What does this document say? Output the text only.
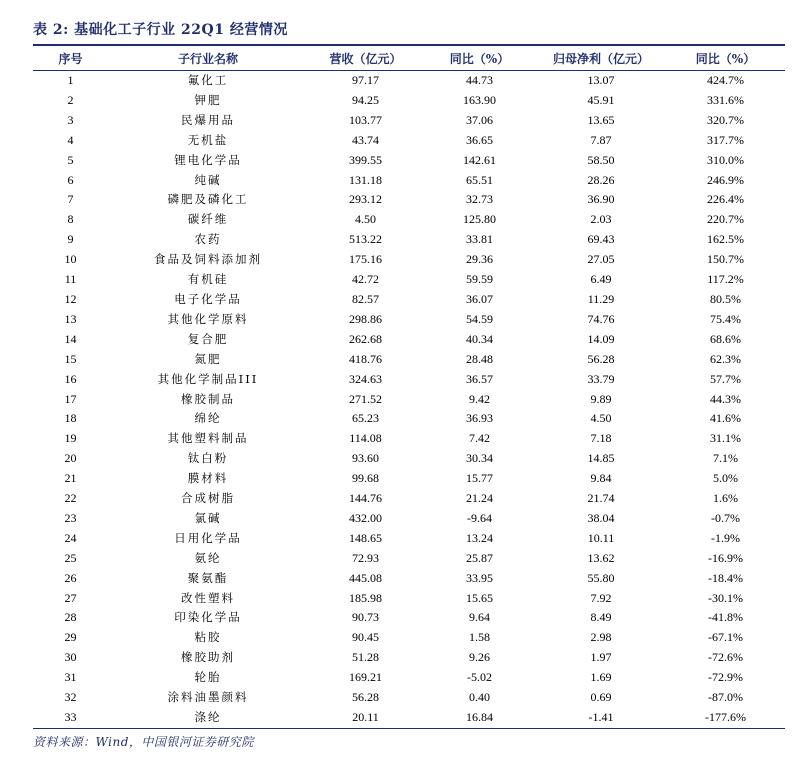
表 2: 基础化工子行业 22Q1 经营情况
序号	子行业名称	营收（亿元）	同比（%）	归母净利（亿元）	同比（%）
1	氟化工	97.17	44.73	13.07	424.7%
2	钾肥	94.25	163.90	45.91	331.6%
3	民爆用品	103.77	37.06	13.65	320.7%
4	无机盐	43.74	36.65	7.87	317.7%
5	锂电化学品	399.55	142.61	58.50	310.0%
6	纯碱	131.18	65.51	28.26	246.9%
7	磷肥及磷化工	293.12	32.73	36.90	226.4%
8	碳纤维	4.50	125.80	2.03	220.7%
9	农药	513.22	33.81	69.43	162.5%
10	食品及饲料添加剂	175.16	29.36	27.05	150.7%
11	有机硅	42.72	59.59	6.49	117.2%
12	电子化学品	82.57	36.07	11.29	80.5%
13	其他化学原料	298.86	54.59	74.76	75.4%
14	复合肥	262.68	40.34	14.09	68.6%
15	氮肥	418.76	28.48	56.28	62.3%
16	其他化学制品III	324.63	36.57	33.79	57.7%
17	橡胶制品	271.52	9.42	9.89	44.3%
18	绵纶	65.23	36.93	4.50	41.6%
19	其他塑料制品	114.08	7.42	7.18	31.1%
20	钛白粉	93.60	30.34	14.85	7.1%
21	膜材料	99.68	15.77	9.84	5.0%
22	合成树脂	144.76	21.24	21.74	1.6%
23	氯碱	432.00	-9.64	38.04	-0.7%
24	日用化学品	148.65	13.24	10.11	-1.9%
25	氨纶	72.93	25.87	13.62	-16.9%
26	聚氨酯	445.08	33.95	55.80	-18.4%
27	改性塑料	185.98	15.65	7.92	-30.1%
28	印染化学品	90.73	9.64	8.49	-41.8%
29	粘胶	90.45	1.58	2.98	-67.1%
30	橡胶助剂	51.28	9.26	1.97	-72.6%
31	轮胎	169.21	-5.02	1.69	-72.9%
32	涂料油墨颜料	56.28	0.40	0.69	-87.0%
33	涤纶	20.11	16.84	-1.41	-177.6%
资料来源：Wind，中国银河证券研究院
